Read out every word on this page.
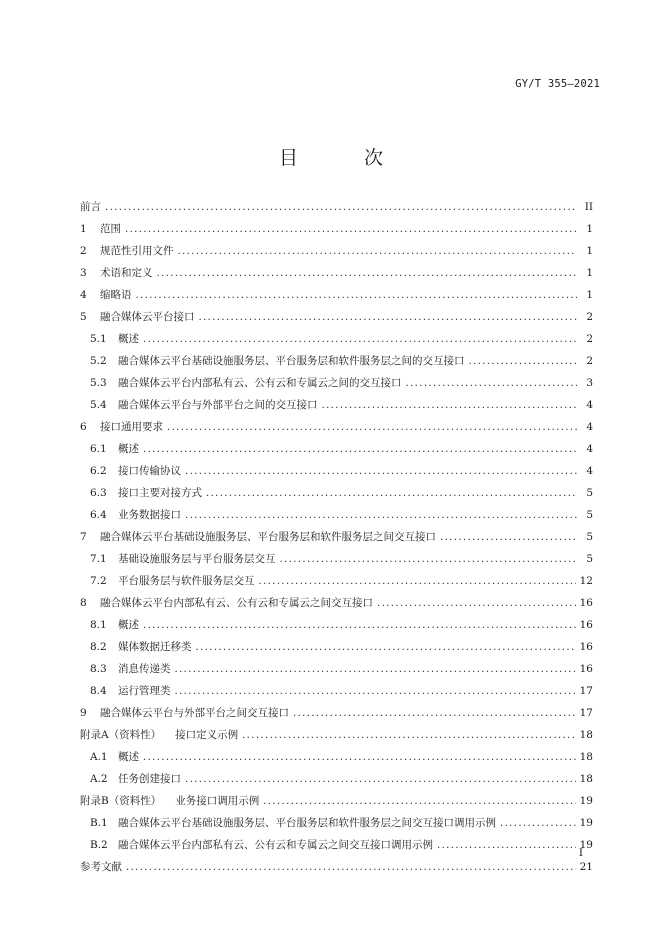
GY/T 355—2021
目 次
前言 .....	II
1	范围 .....	1
2	规范性引用文件 .....	1
3	术语和定义 .....	1
4	缩略语 .....	1
5	融合媒体云平台接口 .....	2
5.1	概述 .....	2
5.2	融合媒体云平台基础设施服务层、平台服务层和软件服务层之间的交互接口 .....	2
5.3	融合媒体云平台内部私有云、公有云和专属云之间的交互接口 .....	3
5.4	融合媒体云平台与外部平台之间的交互接口 .....	4
6	接口通用要求 .....	4
6.1	概述 .....	4
6.2	接口传输协议 .....	4
6.3	接口主要对接方式 .....	5
6.4	业务数据接口 .....	5
7	融合媒体云平台基础设施服务层、平台服务层和软件服务层之间交互接口 .....	5
7.1	基础设施服务层与平台服务层交互 .....	5
7.2	平台服务层与软件服务层交互 .....	12
8	融合媒体云平台内部私有云、公有云和专属云之间交互接口 .....	16
8.1	概述 .....	16
8.2	媒体数据迁移类 .....	16
8.3	消息传递类 .....	16
8.4	运行管理类 .....	17
9	融合媒体云平台与外部平台之间交互接口 .....	17
附录A（资料性） 接口定义示例 .....	18
A.1 概述 .....	18
A.2 任务创建接口 .....	18
附录B（资料性） 业务接口调用示例 .....	19
B.1 融合媒体云平台基础设施服务层、平台服务层和软件服务层之间交互接口调用示例 .....	19
B.2 融合媒体云平台内部私有云、公有云和专属云之间交互接口调用示例 .....	19
参考文献 .....	21
I
